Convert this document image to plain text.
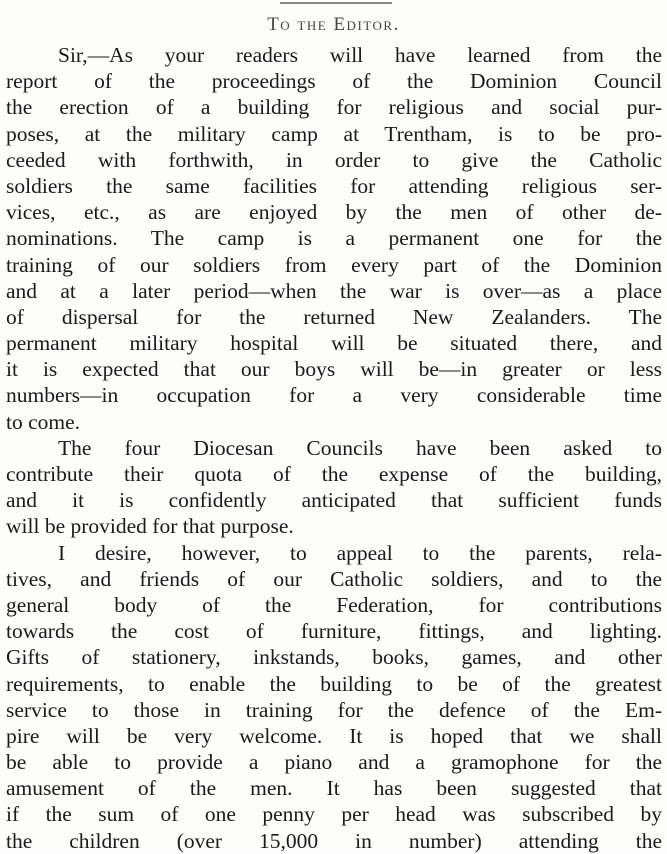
To the Editor.
Sir,—As your readers will have learned from the
report of the proceedings of the Dominion Council
the erection of a building for religious and social pur-
poses, at the military camp at Trentham, is to be pro-
ceeded with forthwith, in order to give the Catholic
soldiers the same facilities for attending religious ser-
vices, etc., as are enjoyed by the men of other de-
nominations. The camp is a permanent one for the
training of our soldiers from every part of the Dominion
and at a later period—when the war is over—as a place
of dispersal for the returned New Zealanders. The
permanent military hospital will be situated there, and
it is expected that our boys will be—in greater or less
numbers—in occupation for a very considerable time
to come.
The four Diocesan Councils have been asked to
contribute their quota of the expense of the building,
and it is confidently anticipated that sufficient funds
will be provided for that purpose.
I desire, however, to appeal to the parents, rela-
tives, and friends of our Catholic soldiers, and to the
general body of the Federation, for contributions
towards the cost of furniture, fittings, and lighting.
Gifts of stationery, inkstands, books, games, and other
requirements, to enable the building to be of the greatest
service to those in training for the defence of the Em-
pire will be very welcome. It is hoped that we shall
be able to provide a piano and a gramophone for the
amusement of the men. It has been suggested that
if the sum of one penny per head was subscribed by
the children (over 15,000 in number) attending the
